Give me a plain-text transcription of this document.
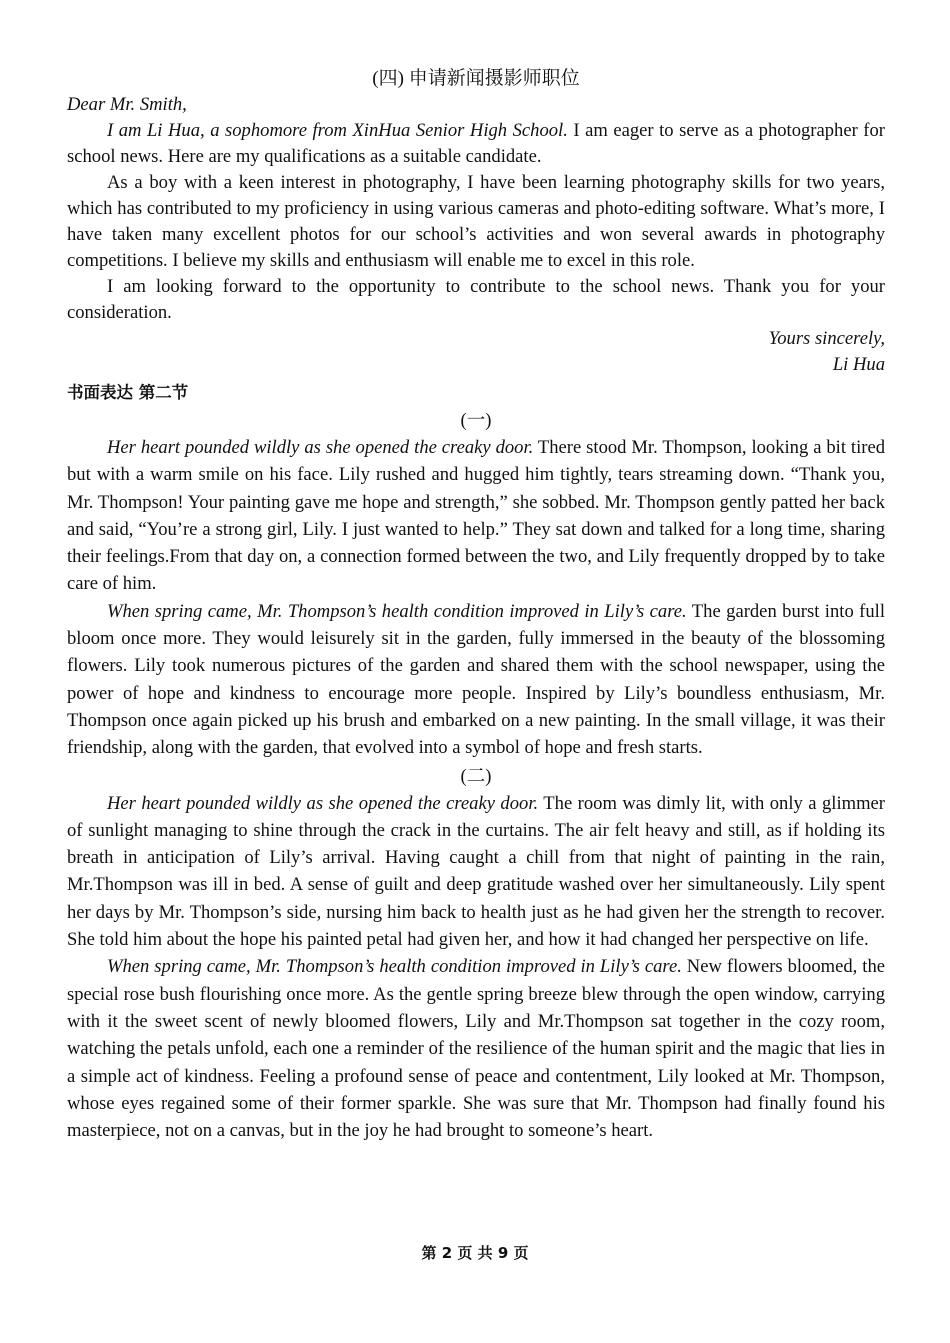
(四) 申请新闻摄影师职位

Dear Mr. Smith,

I am Li Hua, a sophomore from XinHua Senior High School. I am eager to serve as a photographer for school news. Here are my qualifications as a suitable candidate.

As a boy with a keen interest in photography, I have been learning photography skills for two years, which has contributed to my proficiency in using various cameras and photo-editing software. What’s more, I have taken many excellent photos for our school’s activities and won several awards in photography competitions. I believe my skills and enthusiasm will enable me to excel in this role.

I am looking forward to the opportunity to contribute to the school news. Thank you for your consideration.

Yours sincerely,

Li Hua

书面表达 第二节
(一)

Her heart pounded wildly as she opened the creaky door. There stood Mr. Thompson, looking a bit tired but with a warm smile on his face. Lily rushed and hugged him tightly, tears streaming down. “Thank you, Mr. Thompson! Your painting gave me hope and strength,” she sobbed. Mr. Thompson gently patted her back and said, “You’re a strong girl, Lily. I just wanted to help.” They sat down and talked for a long time, sharing their feelings.From that day on, a connection formed between the two, and Lily frequently dropped by to take care of him.

When spring came, Mr. Thompson’s health condition improved in Lily’s care. The garden burst into full bloom once more. They would leisurely sit in the garden, fully immersed in the beauty of the blossoming flowers. Lily took numerous pictures of the garden and shared them with the school newspaper, using the power of hope and kindness to encourage more people. Inspired by Lily’s boundless enthusiasm, Mr. Thompson once again picked up his brush and embarked on a new painting. In the small village, it was their friendship, along with the garden, that evolved into a symbol of hope and fresh starts.

(二)

Her heart pounded wildly as she opened the creaky door. The room was dimly lit, with only a glimmer of sunlight managing to shine through the crack in the curtains. The air felt heavy and still, as if holding its breath in anticipation of Lily’s arrival. Having caught a chill from that night of painting in the rain, Mr.Thompson was ill in bed. A sense of guilt and deep gratitude washed over her simultaneously. Lily spent her days by Mr. Thompson’s side, nursing him back to health just as he had given her the strength to recover. She told him about the hope his painted petal had given her, and how it had changed her perspective on life.

When spring came, Mr. Thompson’s health condition improved in Lily’s care. New flowers bloomed, the special rose bush flourishing once more. As the gentle spring breeze blew through the open window, carrying with it the sweet scent of newly bloomed flowers, Lily and Mr.Thompson sat together in the cozy room, watching the petals unfold, each one a reminder of the resilience of the human spirit and the magic that lies in a simple act of kindness. Feeling a profound sense of peace and contentment, Lily looked at Mr. Thompson, whose eyes regained some of their former sparkle. She was sure that Mr. Thompson had finally found his masterpiece, not on a canvas, but in the joy he had brought to someone’s heart.

第 2 页 共 9 页
